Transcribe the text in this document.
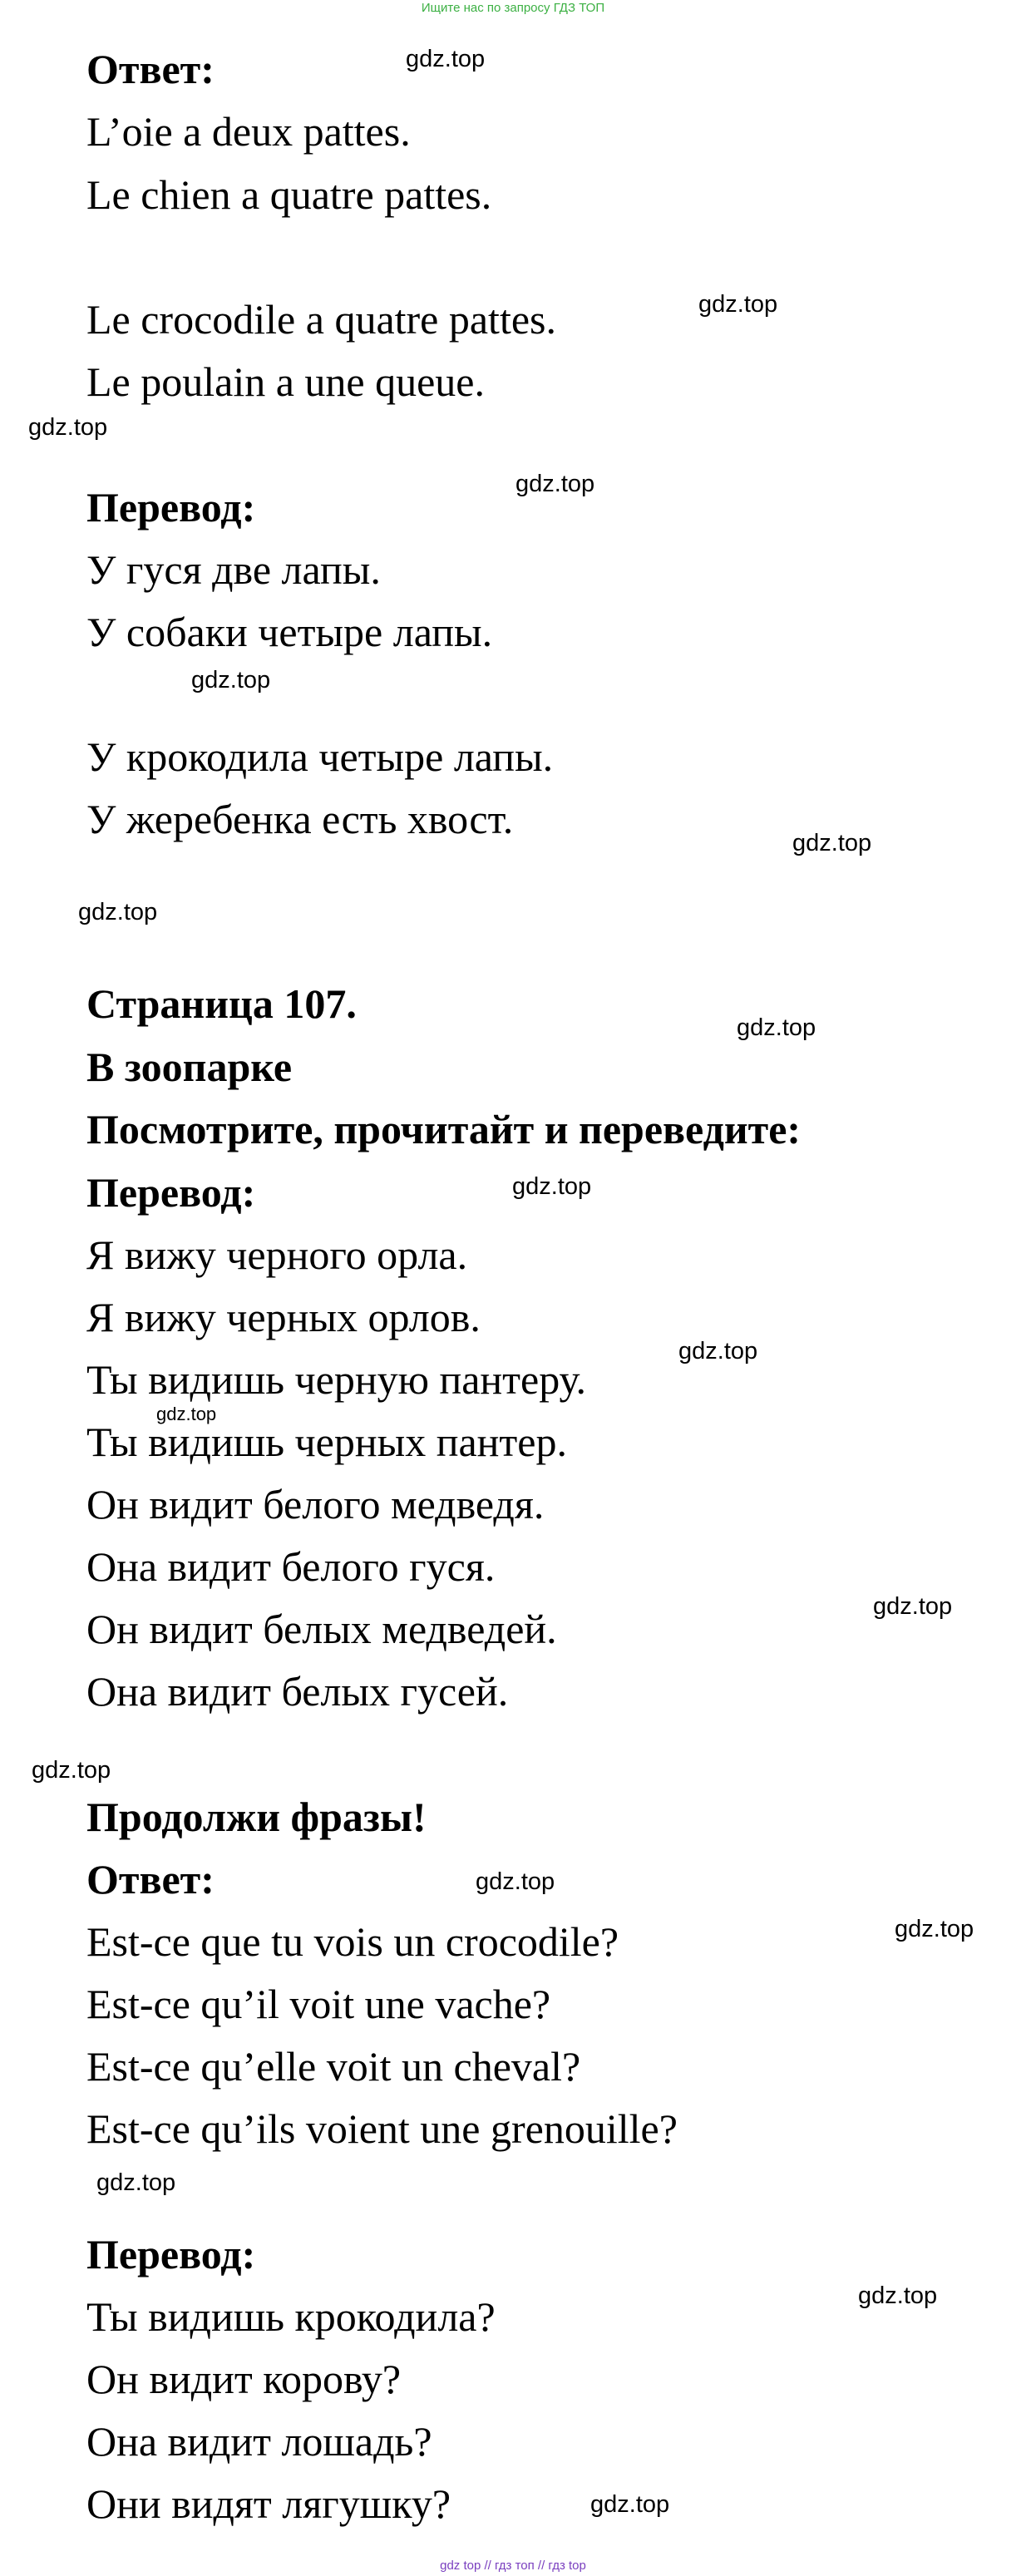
Ищите нас по запросу ГДЗ ТОП
Ответ:
L’oie a deux pattes.
Le chien a quatre pattes.
Le crocodile a quatre pattes.
Le poulain a une queue.
Перевод:
У гуся две лапы.
У собаки четыре лапы.
У крокодила четыре лапы.
У жеребенка есть хвост.
Страница 107.
В зоопарке
Посмотрите, прочитайт и переведите:
Перевод:
Я вижу черного орла.
Я вижу черных орлов.
Ты видишь черную пантеру.
Ты видишь черных пантер.
Он видит белого медведя.
Она видит белого гуся.
Он видит белых медведей.
Она видит белых гусей.
Продолжи фразы!
Ответ:
Est-ce que tu vois un crocodile?
Est-ce qu’il voit une vache?
Est-ce qu’elle voit un cheval?
Est-ce qu’ils voient une grenouille?
Перевод:
Ты видишь крокодила?
Он видит корову?
Она видит лошадь?
Они видят лягушку?
gdz.top
gdz.top
gdz.top
gdz.top
gdz.top
gdz.top
gdz.top
gdz.top
gdz.top
gdz.top
gdz.top
gdz.top
gdz.top
gdz.top
gdz.top
gdz.top
gdz.top
gdz.top
gdz top // гдз топ // гдз top
